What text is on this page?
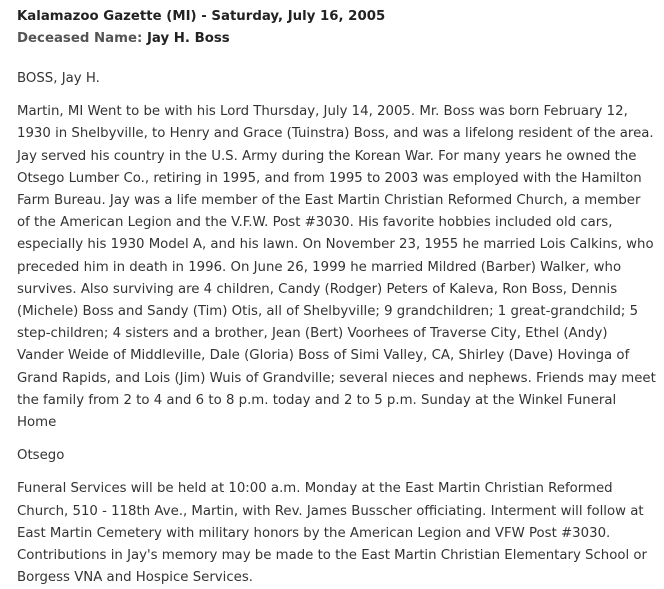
Kalamazoo Gazette (MI) - Saturday, July 16, 2005
Deceased Name: Jay H. Boss

BOSS, Jay H.

Martin, MI Went to be with his Lord Thursday, July 14, 2005. Mr. Boss was born February 12, 1930 in Shelbyville, to Henry and Grace (Tuinstra) Boss, and was a lifelong resident of the area. Jay served his country in the U.S. Army during the Korean War. For many years he owned the Otsego Lumber Co., retiring in 1995, and from 1995 to 2003 was employed with the Hamilton Farm Bureau. Jay was a life member of the East Martin Christian Reformed Church, a member of the American Legion and the V.F.W. Post #3030. His favorite hobbies included old cars, especially his 1930 Model A, and his lawn. On November 23, 1955 he married Lois Calkins, who preceded him in death in 1996. On June 26, 1999 he married Mildred (Barber) Walker, who survives. Also surviving are 4 children, Candy (Rodger) Peters of Kaleva, Ron Boss, Dennis (Michele) Boss and Sandy (Tim) Otis, all of Shelbyville; 9 grandchildren; 1 great-grandchild; 5 step-children; 4 sisters and a brother, Jean (Bert) Voorhees of Traverse City, Ethel (Andy) Vander Weide of Middleville, Dale (Gloria) Boss of Simi Valley, CA, Shirley (Dave) Hovinga of Grand Rapids, and Lois (Jim) Wuis of Grandville; several nieces and nephews. Friends may meet the family from 2 to 4 and 6 to 8 p.m. today and 2 to 5 p.m. Sunday at the Winkel Funeral Home

Otsego

Funeral Services will be held at 10:00 a.m. Monday at the East Martin Christian Reformed Church, 510 - 118th Ave., Martin, with Rev. James Busscher officiating. Interment will follow at East Martin Cemetery with military honors by the American Legion and VFW Post #3030. Contributions in Jay's memory may be made to the East Martin Christian Elementary School or Borgess VNA and Hospice Services.
